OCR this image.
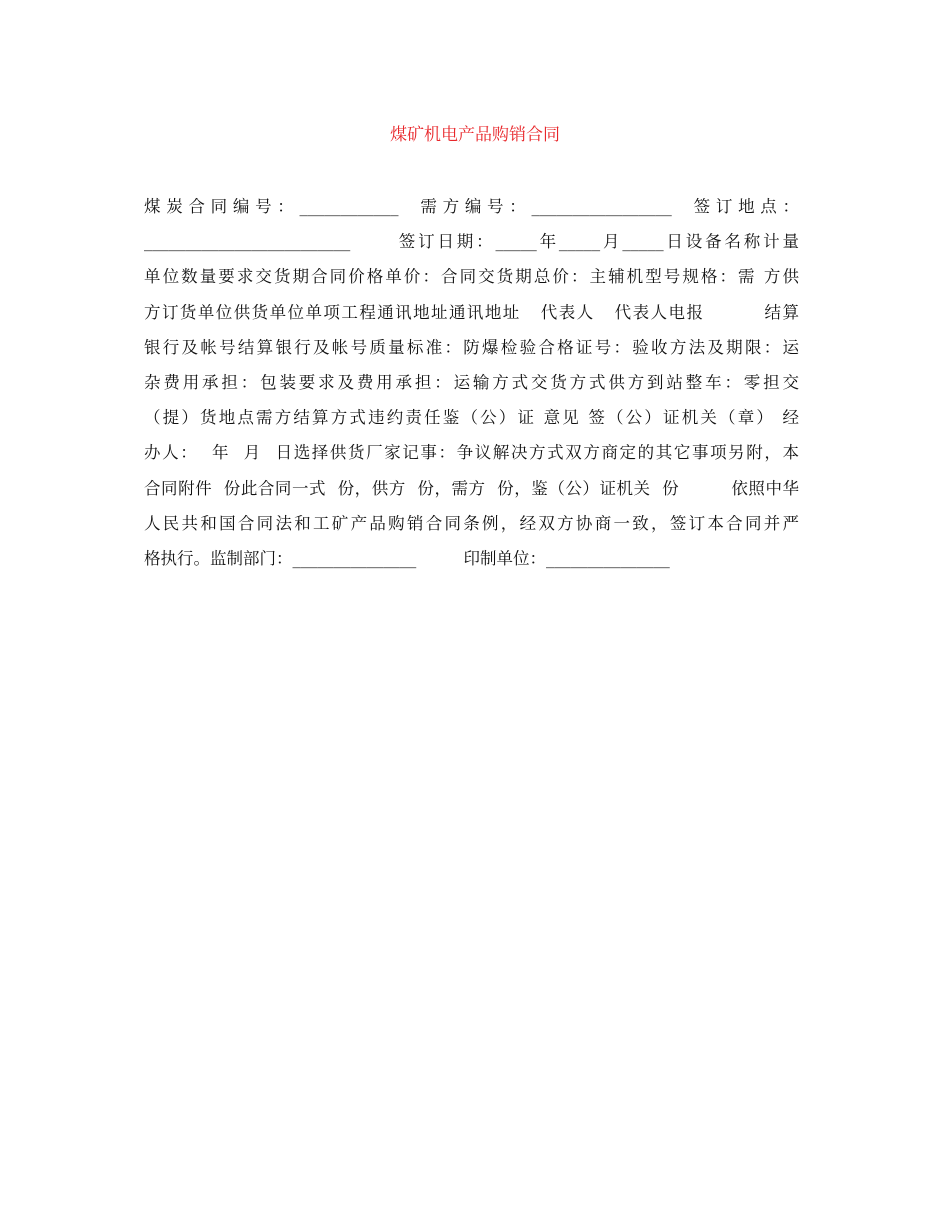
煤矿机电产品购销合同
煤炭合同编号：____________  需方编号：_________________  签订地点：
_________________________      签订日期：_____年_____月_____日设备名称计量
单位数量要求交货期合同价格单价：合同交货期总价：主辅机型号规格：需 方供
方订货单位供货单位单项工程通讯地址通讯地址   代表人   代表人电报         结算
银行及帐号结算银行及帐号质量标准：防爆检验合格证号：验收方法及期限：运
杂费用承担：包装要求及费用承担：运输方式交货方式供方到站整车：零担交
（提）货地点需方结算方式违约责任鉴（公）证 意见 签（公）证机关（章） 经
办人：  年  月  日选择供货厂家记事：争议解决方式双方商定的其它事项另附，本
合同附件  份此合同一式  份，供方  份，需方  份，鉴（公）证机关  份         依照中华
人民共和国合同法和工矿产品购销合同条例，经双方协商一致，签订本合同并严
格执行。监制部门：_______________         印制单位：_______________
